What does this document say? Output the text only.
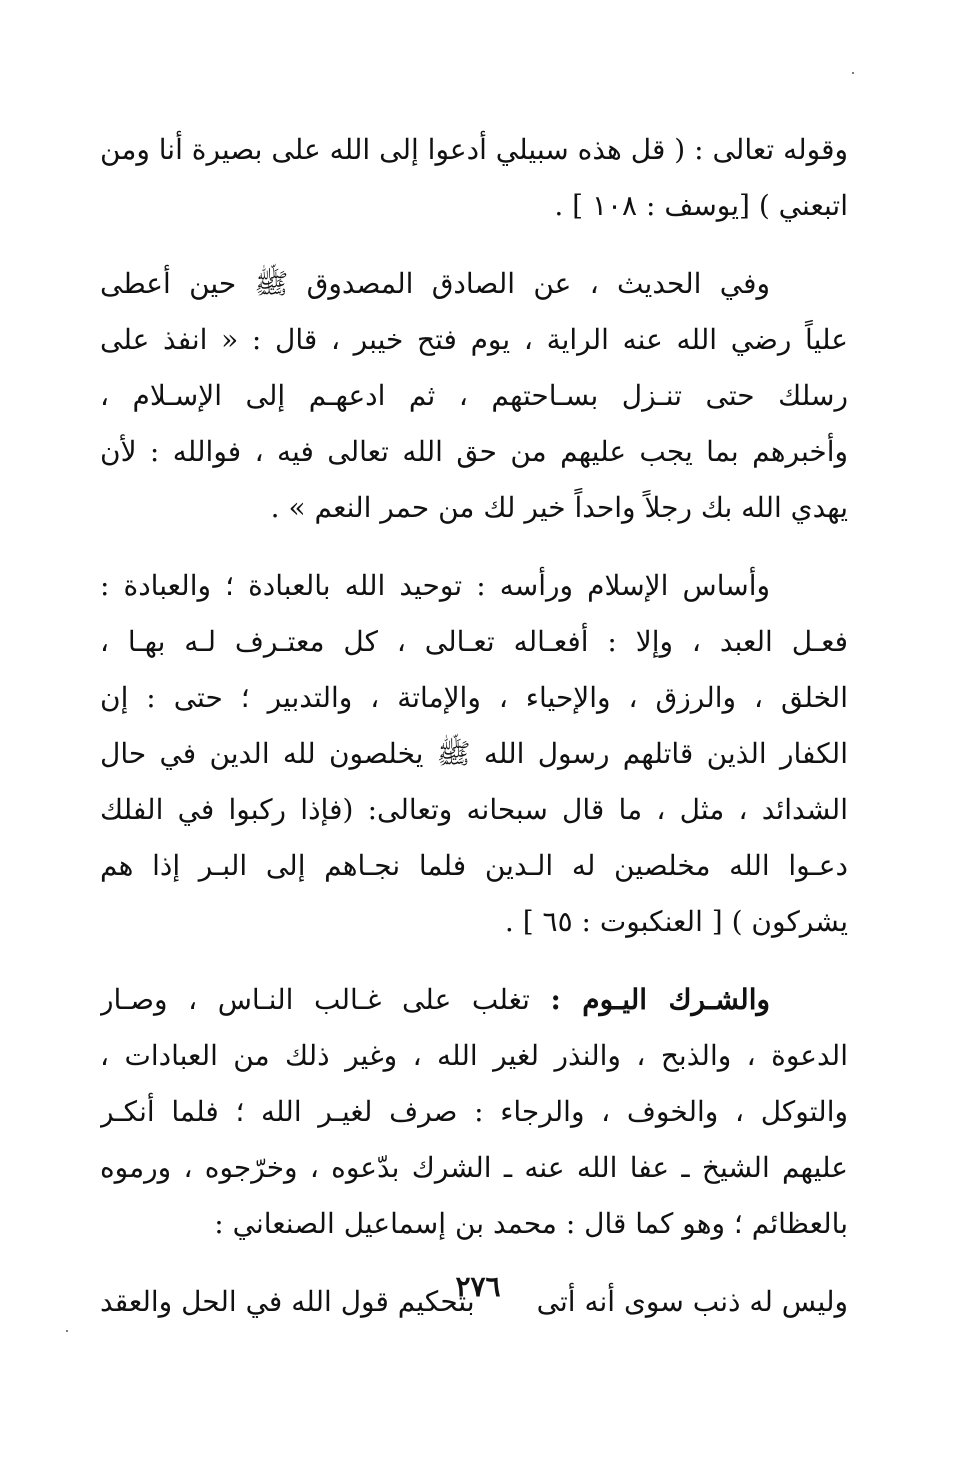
وقوله تعالى : ( قل هذه سبيلي أدعوا إلى الله على بصيرة أنا ومن
اتبعني ) [يوسف : ١٠٨ ] .
وفي الحديث ، عن الصادق المصدوق ﷺ حين أعطى
علياً رضي الله عنه الراية ، يوم فتح خيبر ، قال : « انفذ على
رسلك حتى تنـزل بسـاحتهم ، ثم ادعهـم إلى الإسـلام ،
وأخبرهم بما يجب عليهم من حق الله تعالى فيه ، فوالله : لأن
يهدي الله بك رجلاً واحداً خير لك من حمر النعم » .
وأساس الإسلام ورأسه : توحيد الله بالعبادة ؛ والعبادة :
فعـل العبد ، وإلا : أفعـاله تعـالى ، كل معتـرف لـه بهـا ،
الخلق ، والرزق ، والإحياء ، والإماتة ، والتدبير ؛ حتى : إن
الكفار الذين قاتلهم رسول الله ﷺ يخلصون لله الدين في حال
الشدائد ، مثل ، ما قال سبحانه وتعالى: (فإذا ركبوا في الفلك
دعـوا الله مخلصين له الـدين فلما نجـاهم إلى البـر إذا هم
يشركون ) [ العنكبوت : ٦٥ ] .
والشـرك اليـوم : تغلب على غـالب النـاس ، وصـار
الدعوة ، والذبح ، والنذر لغير الله ، وغير ذلك من العبادات ،
والتوكل ، والخوف ، والرجاء : صرف لغيـر الله ؛ فلما أنكـر
عليهم الشيخ ـ عفا الله عنه ـ الشرك بدّعوه ، وخرّجوه ، ورموه
بالعظائم ؛ وهو كما قال : محمد بن إسماعيل الصنعاني :
وليس له ذنب سوى أنه أتى
بتحكيم قول الله في الحل والعقد
٢٧٦
